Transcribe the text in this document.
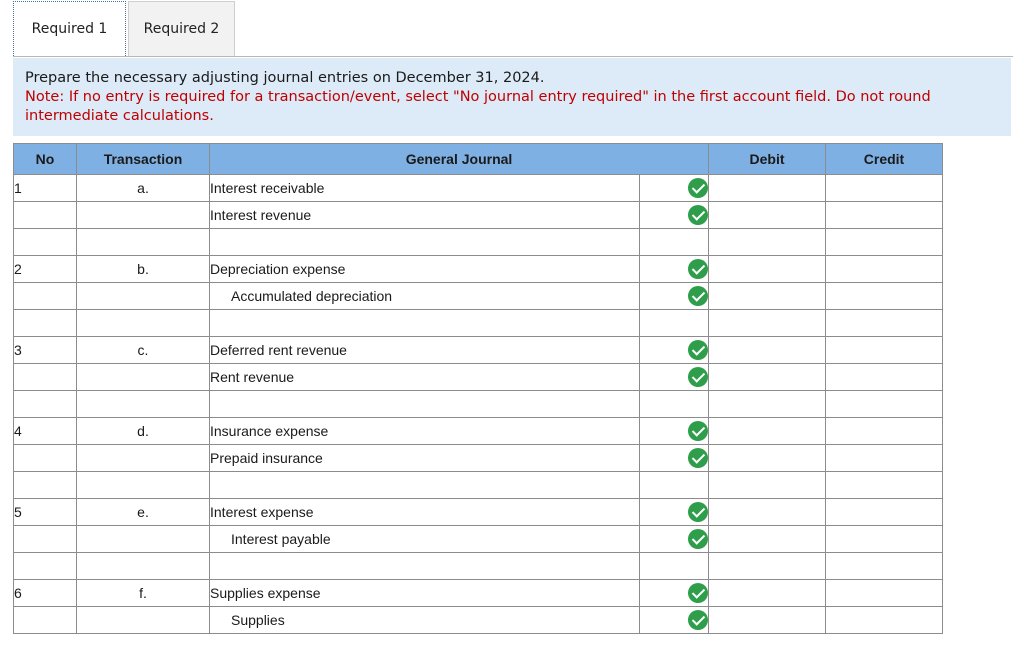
Required 1	Required 2
Prepare the necessary adjusting journal entries on December 31, 2024.
Note: If no entry is required for a transaction/event, select "No journal entry required" in the first account field. Do not round intermediate calculations.
No	Transaction	General Journal		Debit	Credit
1	a.	Interest receivable			
		Interest revenue			

2	b.	Depreciation expense			
		Accumulated depreciation			

3	c.	Deferred rent revenue			
		Rent revenue			

4	d.	Insurance expense			
		Prepaid insurance			

5	e.	Interest expense			
		Interest payable			

6	f.	Supplies expense			
		Supplies			
